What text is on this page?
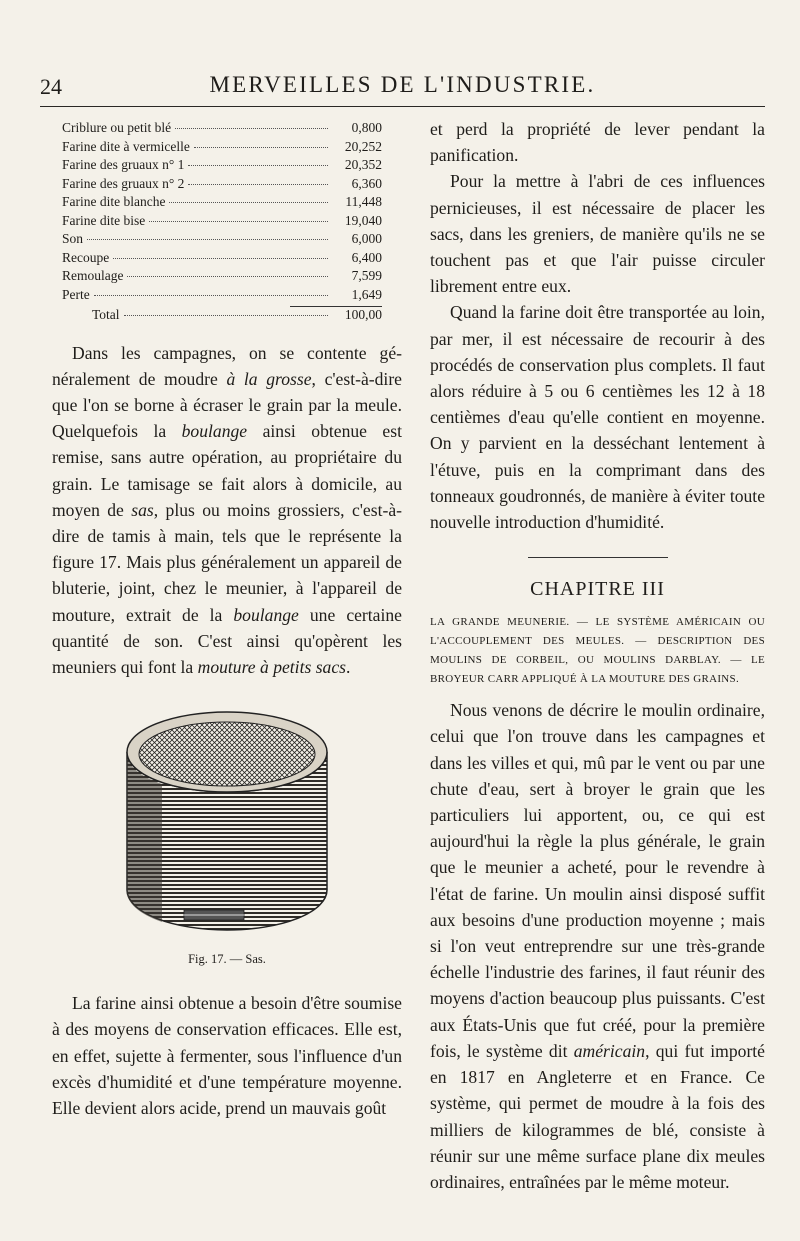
24	MERVEILLES DE L'INDUSTRIE.
Criblure ou petit blé	0,800
Farine dite à vermicelle	20,252
Farine des gruaux n° 1	20,352
Farine des gruaux n° 2	6,360
Farine dite blanche	11,448
Farine dite bise	19,040
Son	6,000
Recoupe	6,400
Remoulage	7,599
Perte	1,649
Total	100,00

Dans les campagnes, on se contente généralement de moudre à la grosse, c'est-à-dire que l'on se borne à écraser le grain par la meule. Quelquefois la boulange ainsi obtenue est remise, sans autre opération, au propriétaire du grain. Le tamisage se fait alors à domicile, au moyen de sas, plus ou moins grossiers, c'est-à-dire de tamis à main, tels que le représente la figure 17. Mais plus généralement un appareil de bluterie, joint, chez le meunier, à l'appareil de mouture, extrait de la boulange une certaine quantité de son. C'est ainsi qu'opèrent les meuniers qui font la mouture à petits sacs.

Fig. 17. — Sas.

La farine ainsi obtenue a besoin d'être soumise à des moyens de conservation efficaces. Elle est, en effet, sujette à fermenter, sous l'influence d'un excès d'humidité et d'une température moyenne. Elle devient alors acide, prend un mauvais goût

et perd la propriété de lever pendant la panification.

Pour la mettre à l'abri de ces influences pernicieuses, il est nécessaire de placer les sacs, dans les greniers, de manière qu'ils ne se touchent pas et que l'air puisse circuler librement entre eux.

Quand la farine doit être transportée au loin, par mer, il est nécessaire de recourir à des procédés de conservation plus complets. Il faut alors réduire à 5 ou 6 centièmes les 12 à 18 centièmes d'eau qu'elle contient en moyenne. On y parvient en la desséchant lentement à l'étuve, puis en la comprimant dans des tonneaux goudronnés, de manière à éviter toute nouvelle introduction d'humidité.

CHAPITRE III

LA GRANDE MEUNERIE. — LE SYSTÈME AMÉRICAIN OU L'ACCOUPLEMENT DES MEULES. — DESCRIPTION DES MOULINS DE CORBEIL, OU MOULINS DARBLAY. — LE BROYEUR CARR APPLIQUÉ À LA MOUTURE DES GRAINS.

Nous venons de décrire le moulin ordinaire, celui que l'on trouve dans les campagnes et dans les villes et qui, mû par le vent ou par une chute d'eau, sert à broyer le grain que les particuliers lui apportent, ou, ce qui est aujourd'hui la règle la plus générale, le grain que le meunier a acheté, pour le revendre à l'état de farine. Un moulin ainsi disposé suffit aux besoins d'une production moyenne ; mais si l'on veut entreprendre sur une très-grande échelle l'industrie des farines, il faut réunir des moyens d'action beaucoup plus puissants. C'est aux États-Unis que fut créé, pour la première fois, le système dit américain, qui fut importé en 1817 en Angleterre et en France. Ce système, qui permet de moudre à la fois des milliers de kilogrammes de blé, consiste à réunir sur une même surface plane dix meules ordinaires, entraînées par le même moteur.
